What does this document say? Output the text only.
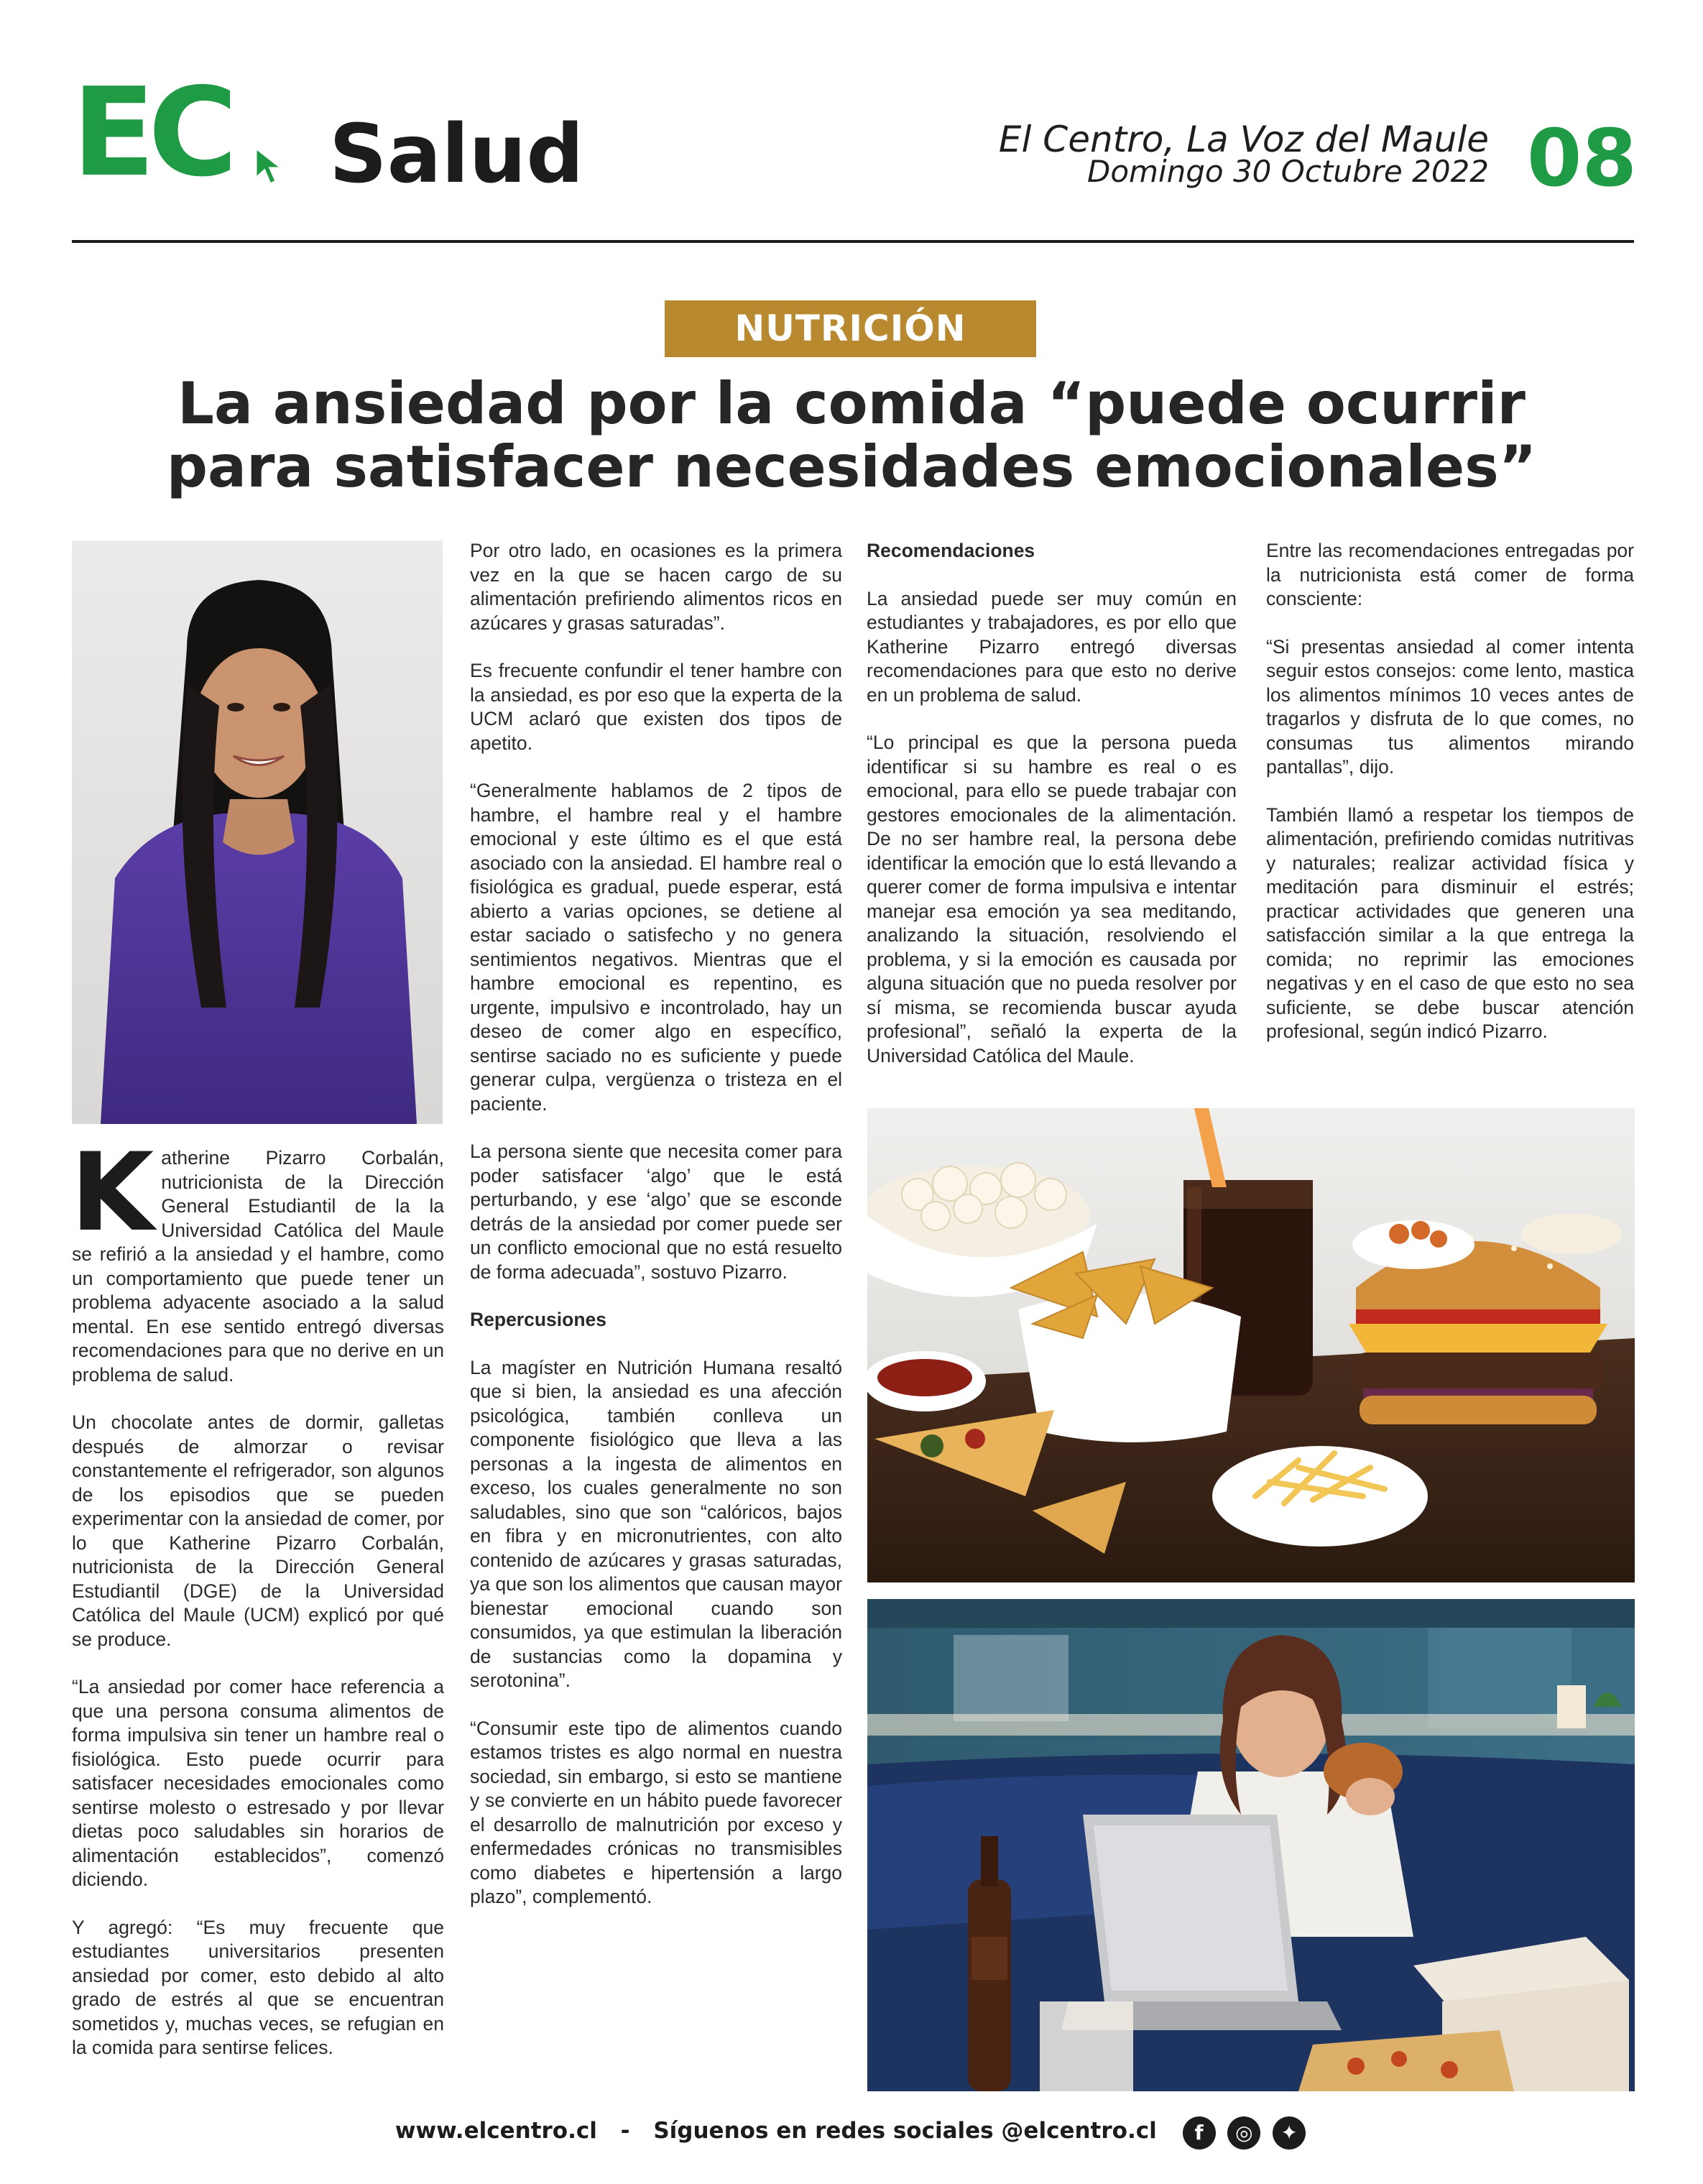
EC	Salud	El Centro, La Voz del Maule
Domingo 30 Octubre 2022 08
NUTRICIÓN
La ansiedad por la comida “puede ocurrir
para satisfacer necesidades emocionales”

Katherine Pizarro Corbalán, nutricionista de la Dirección General Estudiantil de la la Universidad Católica del Maule se refirió a la ansiedad y el hambre, como un comportamiento que puede tener un problema adyacente asociado a la salud mental. En ese sentido entregó diversas recomendaciones para que no derive en un problema de salud.

Un chocolate antes de dormir, galletas después de almorzar o revisar constantemente el refrigerador, son algunos de los episodios que se pueden experimentar con la ansiedad de comer, por lo que Katherine Pizarro Corbalán, nutricionista de la Dirección General Estudiantil (DGE) de la Universidad Católica del Maule (UCM) explicó por qué se produce.

“La ansiedad por comer hace referencia a que una persona consuma alimentos de forma impulsiva sin tener un hambre real o fisiológica. Esto puede ocurrir para satisfacer necesidades emocionales como sentirse molesto o estresado y por llevar dietas poco saludables sin horarios de alimentación establecidos”, comenzó diciendo.

Y agregó: “Es muy frecuente que estudiantes universitarios presenten ansiedad por comer, esto debido al alto grado de estrés al que se encuentran sometidos y, muchas veces, se refugian en la comida para sentirse felices.

Por otro lado, en ocasiones es la primera vez en la que se hacen cargo de su alimentación prefiriendo alimentos ricos en azúcares y grasas saturadas”.

Es frecuente confundir el tener hambre con la ansiedad, es por eso que la experta de la UCM aclaró que existen dos tipos de apetito.

“Generalmente hablamos de 2 tipos de hambre, el hambre real y el hambre emocional y este último es el que está asociado con la ansiedad. El hambre real o fisiológica es gradual, puede esperar, está abierto a varias opciones, se detiene al estar saciado o satisfecho y no genera sentimientos negativos. Mientras que el hambre emocional es repentino, es urgente, impulsivo e incontrolado, hay un deseo de comer algo en específico, sentirse saciado no es suficiente y puede generar culpa, vergüenza o tristeza en el paciente.

La persona siente que necesita comer para poder satisfacer ‘algo’ que le está perturbando, y ese ‘algo’ que se esconde detrás de la ansiedad por comer puede ser un conflicto emocional que no está resuelto de forma adecuada”, sostuvo Pizarro.

Repercusiones

La magíster en Nutrición Humana resaltó que si bien, la ansiedad es una afección psicológica, también conlleva un componente fisiológico que lleva a las personas a la ingesta de alimentos en exceso, los cuales generalmente no son saludables, sino que son “calóricos, bajos en fibra y en micronutrientes, con alto contenido de azúcares y grasas saturadas, ya que son los alimentos que causan mayor bienestar emocional cuando son consumidos, ya que estimulan la liberación de sustancias como la dopamina y serotonina”.

“Consumir este tipo de alimentos cuando estamos tristes es algo normal en nuestra sociedad, sin embargo, si esto se mantiene y se convierte en un hábito puede favorecer el desarrollo de malnutrición por exceso y enfermedades crónicas no transmisibles como diabetes e hipertensión a largo plazo”, complementó.

Recomendaciones

La ansiedad puede ser muy común en estudiantes y trabajadores, es por ello que Katherine Pizarro entregó diversas recomendaciones para que esto no derive en un problema de salud.

“Lo principal es que la persona pueda identificar si su hambre es real o es emocional, para ello se puede trabajar con gestores emocionales de la alimentación. De no ser hambre real, la persona debe identificar la emoción que lo está llevando a querer comer de forma impulsiva e intentar manejar esa emoción ya sea meditando, analizando la situación, resolviendo el problema, y si la emoción es causada por alguna situación que no pueda resolver por sí misma, se recomienda buscar ayuda profesional”, señaló la experta de la Universidad Católica del Maule.

Entre las recomendaciones entregadas por la nutricionista está comer de forma consciente:

“Si presentas ansiedad al comer intenta seguir estos consejos: come lento, mastica los alimentos mínimos 10 veces antes de tragarlos y disfruta de lo que comes, no consumas tus alimentos mirando pantallas”, dijo.

También llamó a respetar los tiempos de alimentación, prefiriendo comidas nutritivas y naturales; realizar actividad física y meditación para disminuir el estrés; practicar actividades que generen una satisfacción similar a la que entrega la comida; no reprimir las emociones negativas y en el caso de que esto no sea suficiente, se debe buscar atención profesional, según indicó Pizarro.

www.elcentro.cl - Síguenos en redes sociales @elcentro.cl f ◎ ✦
